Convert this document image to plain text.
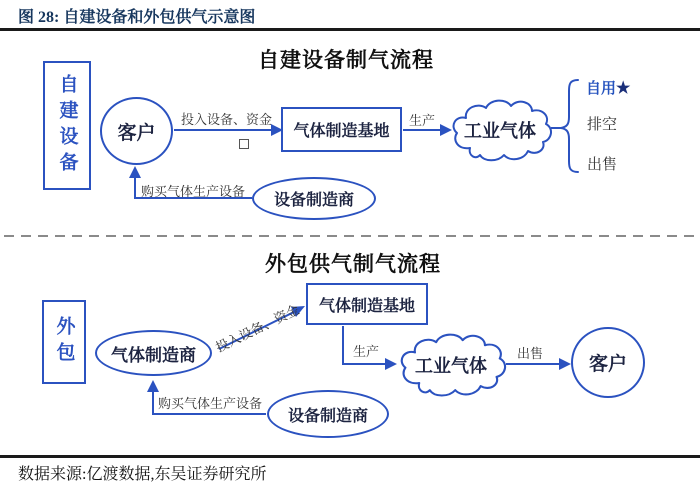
图 28: 自建设备和外包供气示意图
自建设备制气流程
自建设备	客户
投入设备、资金
气体制造基地
生产
工业气体
自用★
排空
出售
设备制造商
购买气体生产设备
外包供气制气流程
外包	气体制造商	投入设备、资金	气体制造基地
生产
工业气体
出售
客户
设备制造商
购买气体生产设备
数据来源:亿渡数据,东吴证券研究所
